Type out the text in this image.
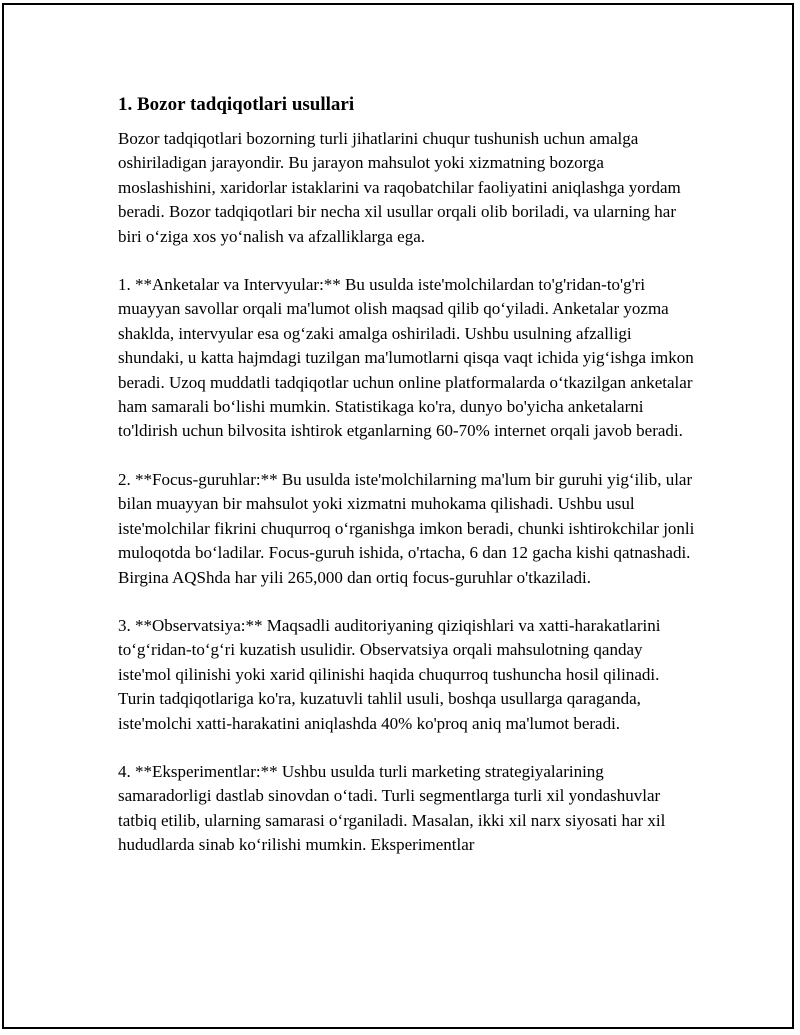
1. Bozor tadqiqotlari usullari

Bozor tadqiqotlari bozorning turli jihatlarini chuqur tushunish uchun amalga oshiriladigan jarayondir. Bu jarayon mahsulot yoki xizmatning bozorga moslashishini, xaridorlar istaklarini va raqobatchilar faoliyatini aniqlashga yordam beradi. Bozor tadqiqotlari bir necha xil usullar orqali olib boriladi, va ularning har biri oʻziga xos yoʻnalish va afzalliklarga ega.

1. **Anketalar va Intervyular:** Bu usulda iste'molchilardan to'g'ridan-to'g'ri muayyan savollar orqali ma'lumot olish maqsad qilib qoʻyiladi. Anketalar yozma shaklda, intervyular esa ogʻzaki amalga oshiriladi. Ushbu usulning afzalligi shundaki, u katta hajmdagi tuzilgan ma'lumotlarni qisqa vaqt ichida yigʻishga imkon beradi. Uzoq muddatli tadqiqotlar uchun online platformalarda oʻtkazilgan anketalar ham samarali boʻlishi mumkin. Statistikaga ko'ra, dunyo bo'yicha anketalarni to'ldirish uchun bilvosita ishtirok etganlarning 60-70% internet orqali javob beradi.

2. **Focus-guruhlar:** Bu usulda iste'molchilarning ma'lum bir guruhi yigʻilib, ular bilan muayyan bir mahsulot yoki xizmatni muhokama qilishadi. Ushbu usul iste'molchilar fikrini chuqurroq oʻrganishga imkon beradi, chunki ishtirokchilar jonli muloqotda boʻladilar. Focus-guruh ishida, o'rtacha, 6 dan 12 gacha kishi qatnashadi. Birgina AQShda har yili 265,000 dan ortiq focus-guruhlar o'tkaziladi.

3. **Observatsiya:** Maqsadli auditoriyaning qiziqishlari va xatti-harakatlarini toʻgʻridan-toʻgʻri kuzatish usulidir. Observatsiya orqali mahsulotning qanday iste'mol qilinishi yoki xarid qilinishi haqida chuqurroq tushuncha hosil qilinadi. Turin tadqiqotlariga ko'ra, kuzatuvli tahlil usuli, boshqa usullarga qaraganda, iste'molchi xatti-harakatini aniqlashda 40% ko'proq aniq ma'lumot beradi.

4. **Eksperimentlar:** Ushbu usulda turli marketing strategiyalarining samaradorligi dastlab sinovdan oʻtadi. Turli segmentlarga turli xil yondashuvlar tatbiq etilib, ularning samarasi oʻrganiladi. Masalan, ikki xil narx siyosati har xil hududlarda sinab koʻrilishi mumkin. Eksperimentlar
